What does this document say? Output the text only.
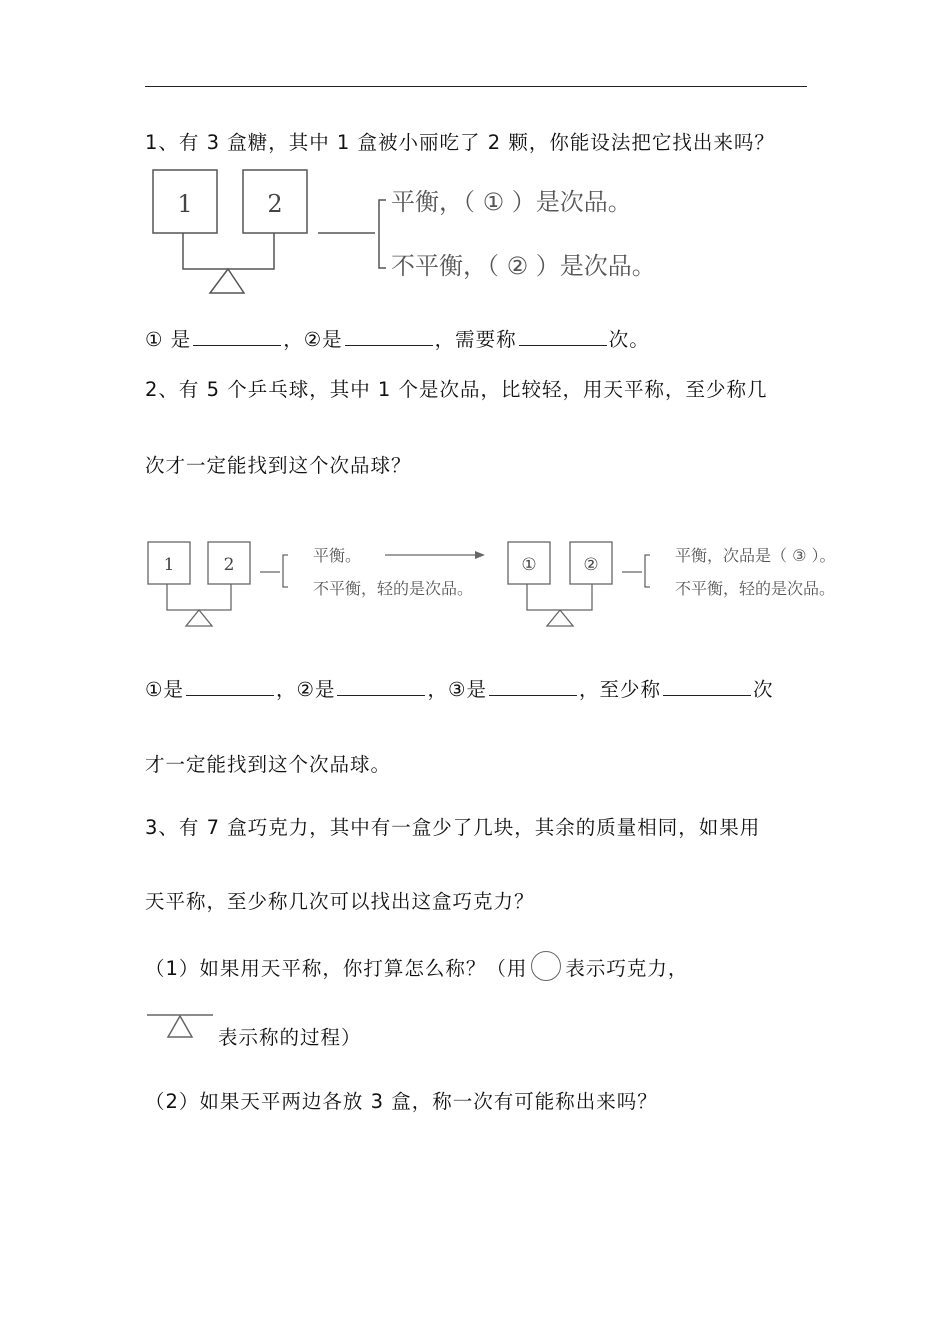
1、有 3 盒糖，其中 1 盒被小丽吃了 2 颗，你能设法把它找出来吗？
1	2	平衡，（ ① ）是次品。
不平衡，（ ② ）是次品。
① 是	，②是	，需要称	次。
2、有 5 个乒乓球，其中 1 个是次品，比较轻，用天平称，至少称几
次才一定能找到这个次品球？
1	2	平衡。
不平衡，轻的是次品。
①	②	平衡，次品是（ ③ ）。
不平衡，轻的是次品。
①是	，②是	，③是	，至少称	次
才一定能找到这个次品球。
3、有 7 盒巧克力，其中有一盒少了几块，其余的质量相同，如果用
天平称，至少称几次可以找出这盒巧克力？
（1）如果用天平称，你打算怎么称？（用 表示巧克力，
表示称的过程）
（2）如果天平两边各放 3 盒，称一次有可能称出来吗？
